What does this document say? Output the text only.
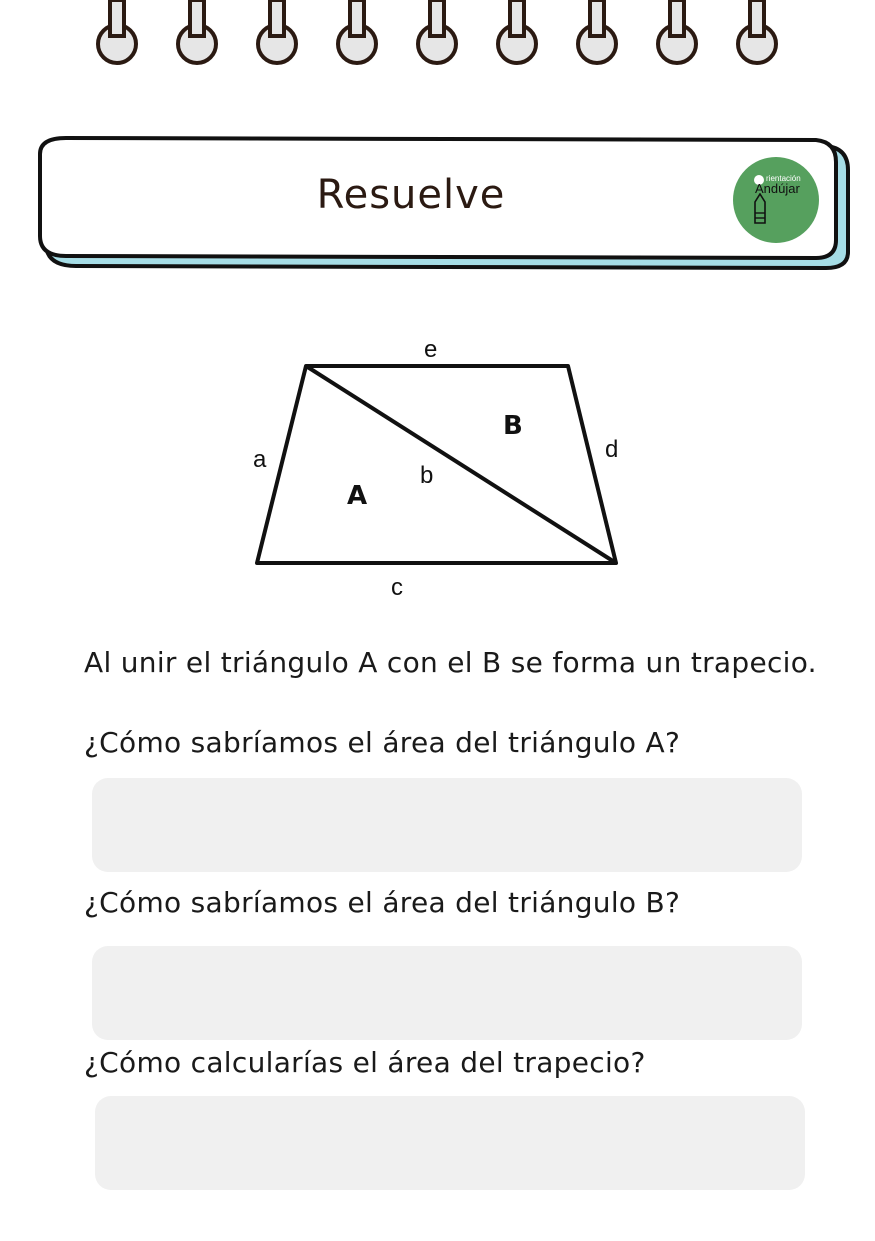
Resuelve	rientación
Andújar
e
a
b
d
c
A
B
Al unir el triángulo A con el B se forma un trapecio.
¿Cómo sabríamos el área del triángulo A?
¿Cómo sabríamos el área del triángulo B?
¿Cómo calcularías el área del trapecio?
